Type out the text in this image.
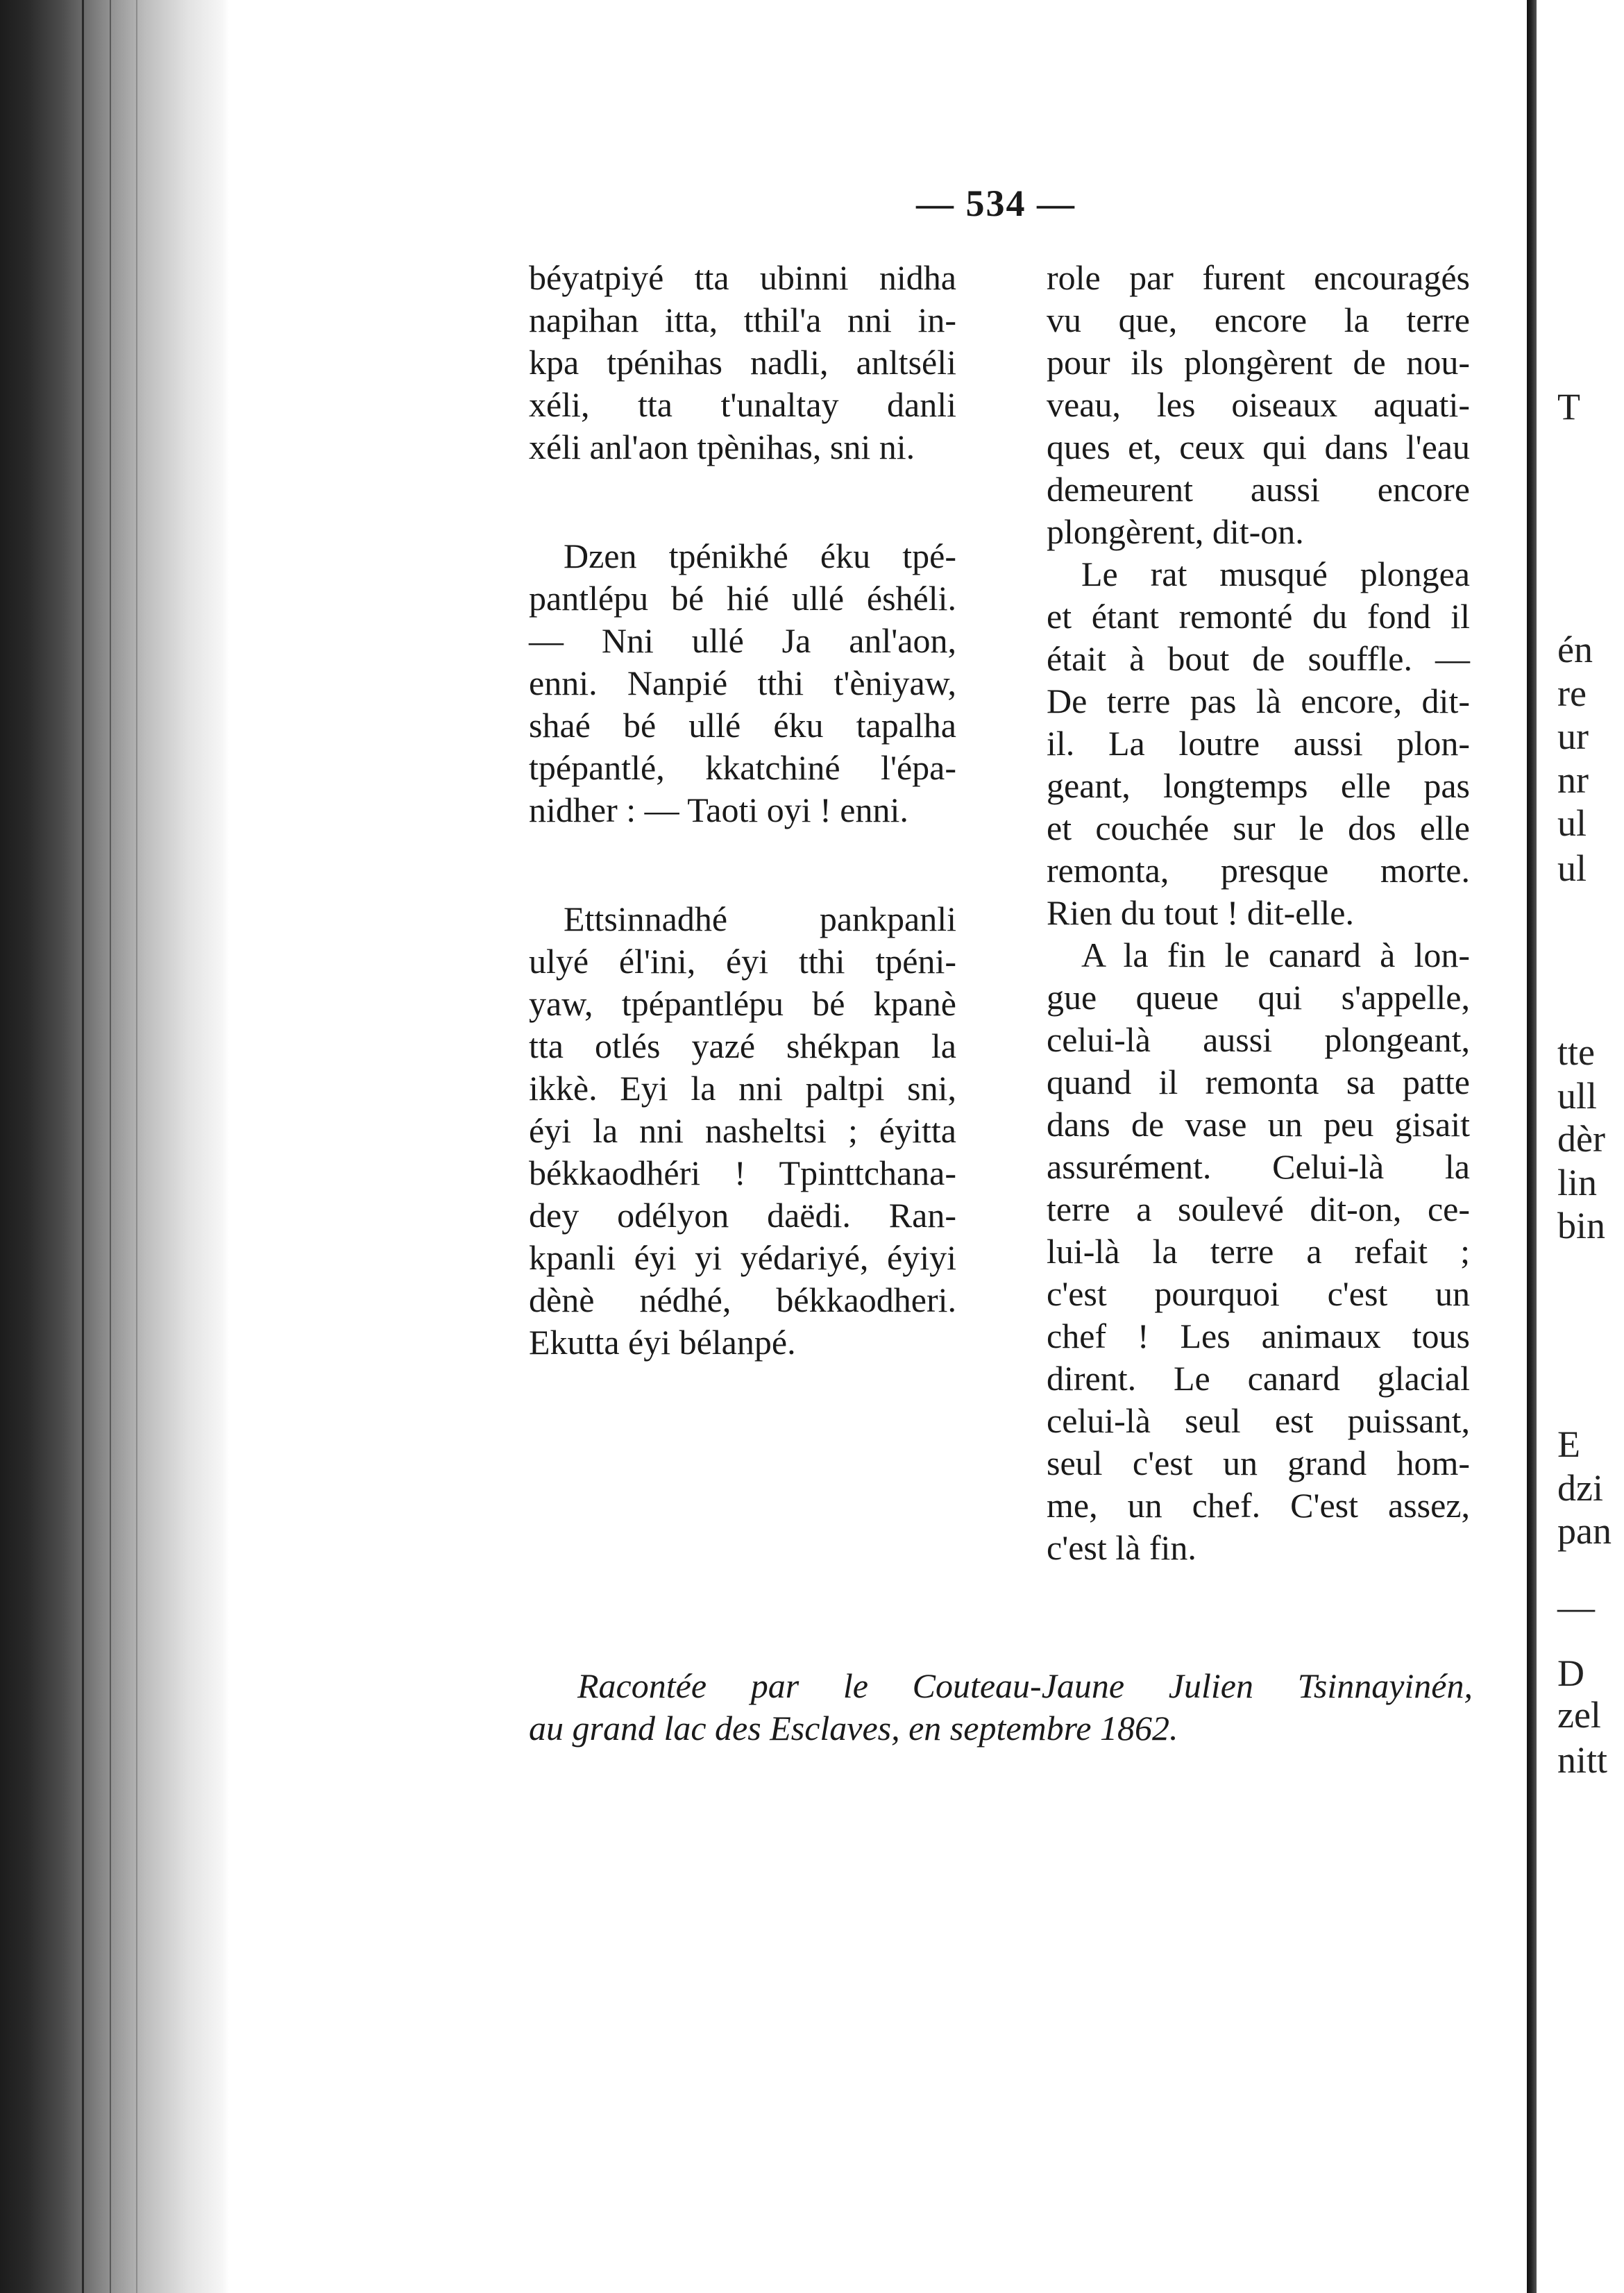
— 534 —
béyatpiyé tta ubinni nidha
napihan itta, tthil'a nni in-
kpa tpénihas nadli, anltséli
xéli, tta t'unaltay danli
xéli anl'aon tpènihas, sni ni.
Dzen tpénikhé éku tpé-
pantlépu bé hié ullé éshéli.
— Nni ullé Ja anl'aon,
enni. Nanpié tthi t'èniyaw,
shaé bé ullé éku tapalha
tpépantlé, kkatchiné l'épa-
nidher : — Taoti oyi ! enni.
Ettsinnadhé pankpanli
ulyé él'ini, éyi tthi tpéni-
yaw, tpépantlépu bé kpanè
tta otlés yazé shékpan la
ikkè. Eyi la nni paltpi sni,
éyi la nni nasheltsi ; éyitta
békkaodhéri ! Tpinttchana-
dey odélyon daëdi. Ran-
kpanli éyi yi yédariyé, éyiyi
dènè nédhé, békkaodheri.
Ekutta éyi bélanpé.
role par furent encouragés
vu que, encore la terre
pour ils plongèrent de nou-
veau, les oiseaux aquati-
ques et, ceux qui dans l'eau
demeurent aussi encore
plongèrent, dit-on.
Le rat musqué plongea
et étant remonté du fond il
était à bout de souffle. —
De terre pas là encore, dit-
il. La loutre aussi plon-
geant, longtemps elle pas
et couchée sur le dos elle
remonta, presque morte.
Rien du tout ! dit-elle.
A la fin le canard à lon-
gue queue qui s'appelle,
celui-là aussi plongeant,
quand il remonta sa patte
dans de vase un peu gisait
assurément. Celui-là la
terre a soulevé dit-on, ce-
lui-là la terre a refait ;
c'est pourquoi c'est un
chef ! Les animaux tous
dirent. Le canard glacial
celui-là seul est puissant,
seul c'est un grand hom-
me, un chef. C'est assez,
c'est là fin.
Racontée par le Couteau-Jaune Julien Tsinnayinén,
au grand lac des Esclaves, en septembre 1862.
T
én
re
ur
nr
ul
ul
tte
ull
dèr
lin
bin
E
dzi
pan
—
D
zel
nitt
